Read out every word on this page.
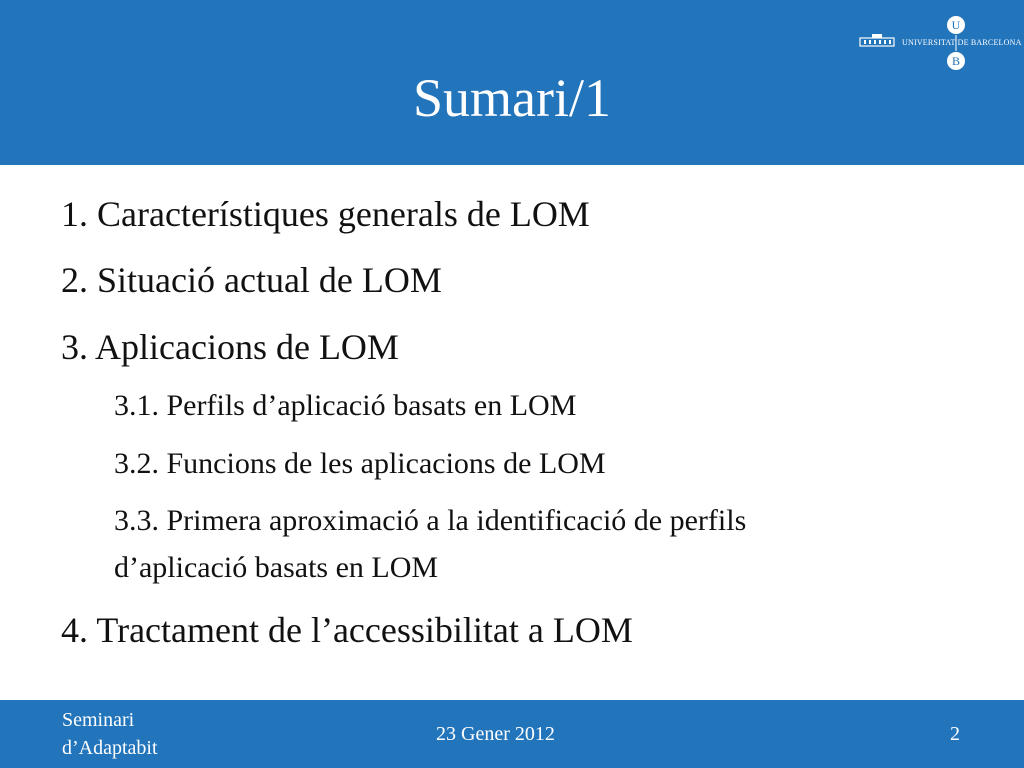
Sumari/1
U
B
UNIVERSITAT DE BARCELONA
1. Característiques generals de LOM
2. Situació actual de LOM
3. Aplicacions de LOM
3.1. Perfils d’aplicació basats en LOM
3.2. Funcions de les aplicacions de LOM
3.3. Primera aproximació a la identificació de perfils
d’aplicació basats en LOM
4. Tractament de l’accessibilitat a LOM
Seminari
d’Adaptabit
23 Gener 2012	2
